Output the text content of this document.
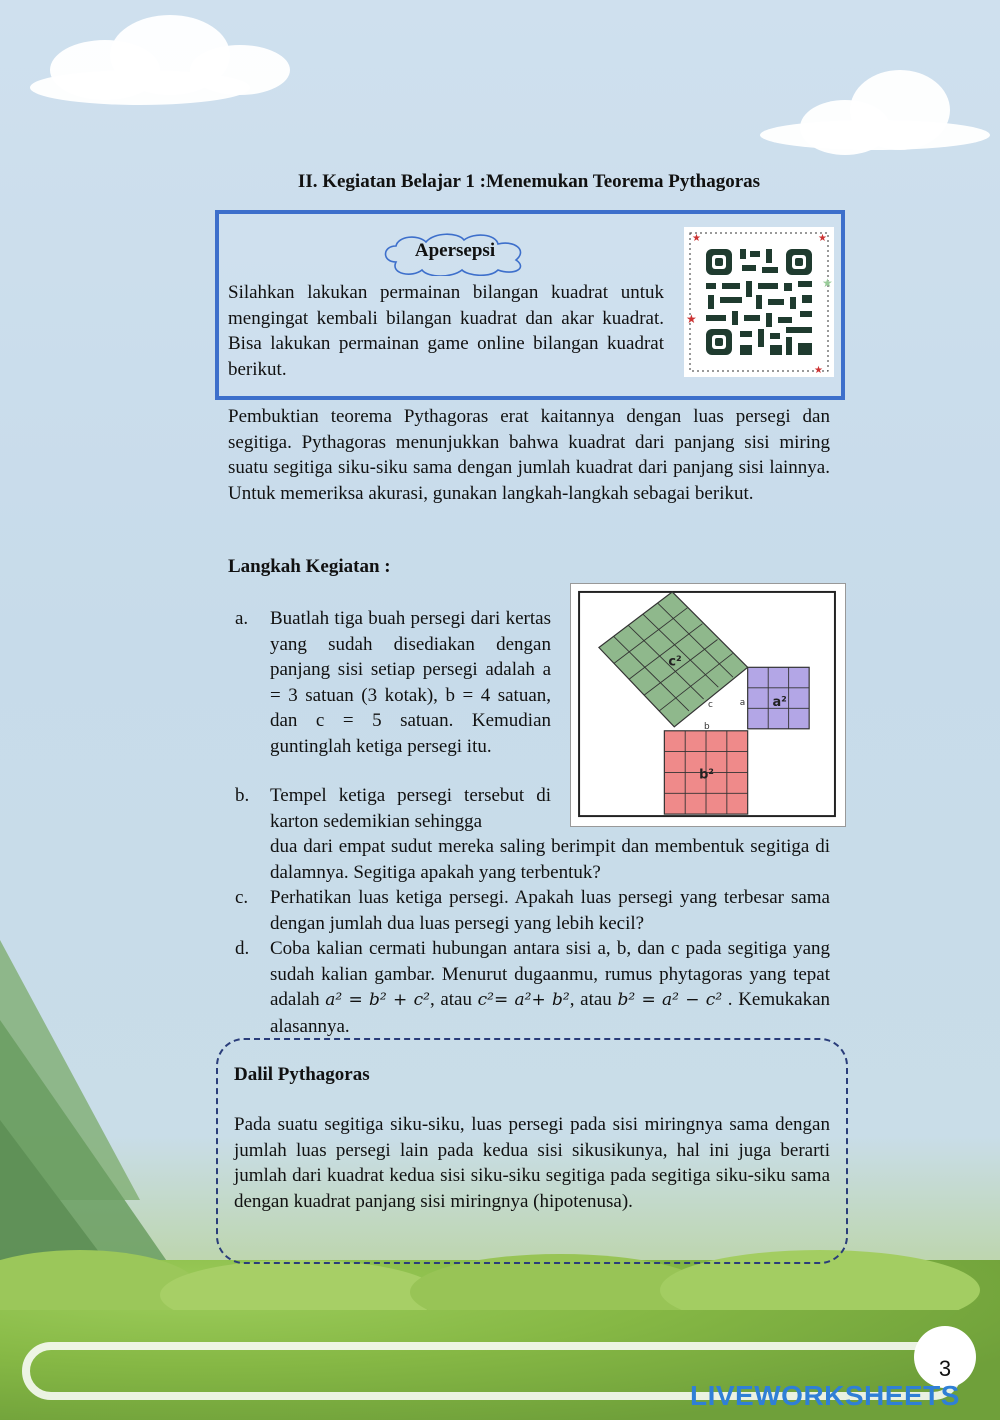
II. Kegiatan Belajar 1 :Menemukan Teorema Pythagoras
Apersepsi
Silahkan lakukan permainan bilangan kuadrat untuk mengingat kembali bilangan kuadrat dan akar kuadrat. Bisa lakukan permainan game online bilangan kuadrat berikut.
★	★
★
★
★
Pembuktian teorema Pythagoras erat kaitannya dengan luas persegi dan segitiga. Pythagoras menunjukkan bahwa kuadrat dari panjang sisi miring suatu segitiga siku-siku sama dengan jumlah kuadrat dari panjang sisi lainnya. Untuk memeriksa akurasi, gunakan langkah-langkah sebagai berikut.
Langkah Kegiatan :
a. Buatlah tiga buah persegi dari kertas yang sudah disediakan dengan panjang sisi setiap persegi adalah a = 3 satuan (3 kotak), b = 4 satuan, dan c = 5 satuan. Kemudian guntinglah ketiga persegi itu.
b. Tempel ketiga persegi tersebut di karton sedemikian sehingga
dua dari empat sudut mereka saling berimpit dan membentuk segitiga di dalamnya. Segitiga apakah yang terbentuk?
c. Perhatikan luas ketiga persegi. Apakah luas persegi yang terbesar sama dengan jumlah dua luas persegi yang lebih kecil?
d. Coba kalian cermati hubungan antara sisi a, b, dan c pada segitiga yang sudah kalian gambar. Menurut dugaanmu, rumus phytagoras yang tepat adalah a² = b² + c², atau c²= a²+ b², atau b² = a² − c² . Kemukakan alasannya.
c²
a²
b²
a
b
c
Dalil Pythagoras
Pada suatu segitiga siku-siku, luas persegi pada sisi miringnya sama dengan jumlah luas persegi lain pada kedua sisi sikusikunya, hal ini juga berarti jumlah dari kuadrat kedua sisi siku-siku segitiga pada segitiga siku-siku sama dengan kuadrat panjang sisi miringnya (hipotenusa).
3
LIVEWORKSHEETS
